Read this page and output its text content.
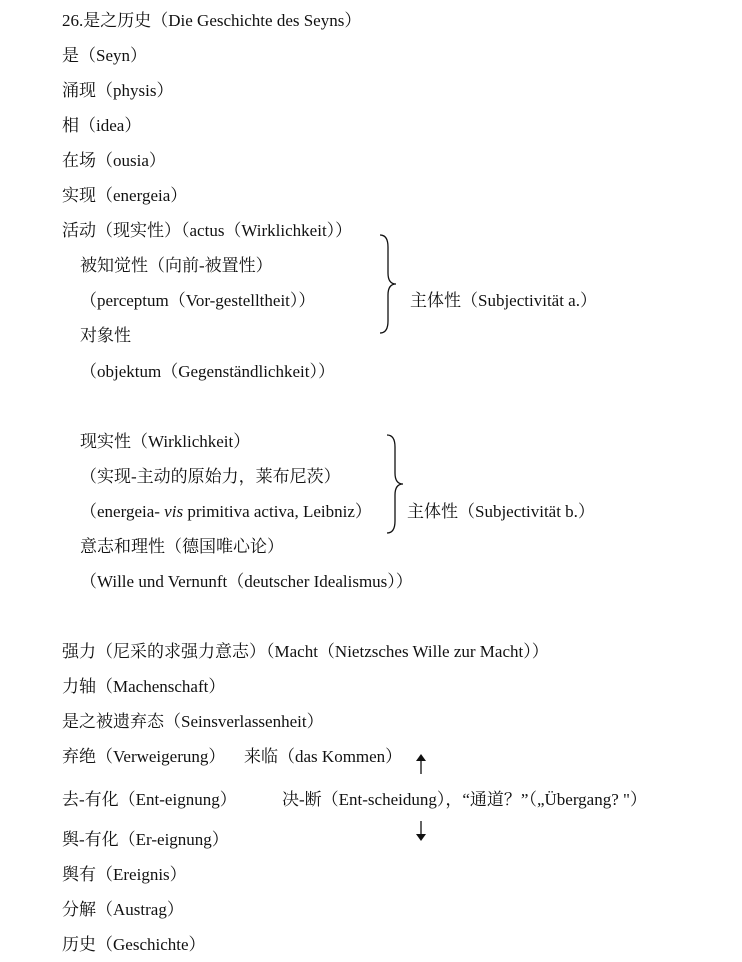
26.是之历史（Die Geschichte des Seyns）
是（Seyn）
涌现（physis）
相（idea）
在场（ousia）
实现（energeia）
活动（现实性）（actus（Wirklichkeit））
被知觉性（向前-被置性）
（perceptum（Vor-gestelltheit））
对象性
（objektum（Gegenständlichkeit））
主体性（Subjectivität a.）
现实性（Wirklichkeit）
（实现-主动的原始力，莱布尼茨）
（energeia- vis primitiva activa, Leibniz）
意志和理性（德国唯心论）
（Wille und Vernunft（deutscher Idealismus））
主体性（Subjectivität b.）
强力（尼采的求强力意志）（Macht（Nietzsches Wille zur Macht））
力轴（Machenschaft）
是之被遗弃态（Seinsverlassenheit）
弃绝（Verweigerung） 来临（das Kommen）
去-有化（Ent-eignung）	决-断（Ent-scheidung），“通道？”（„Übergang? "）
舆-有化（Er-eignung）
舆有（Ereignis）
分解（Austrag）
历史（Geschichte）
